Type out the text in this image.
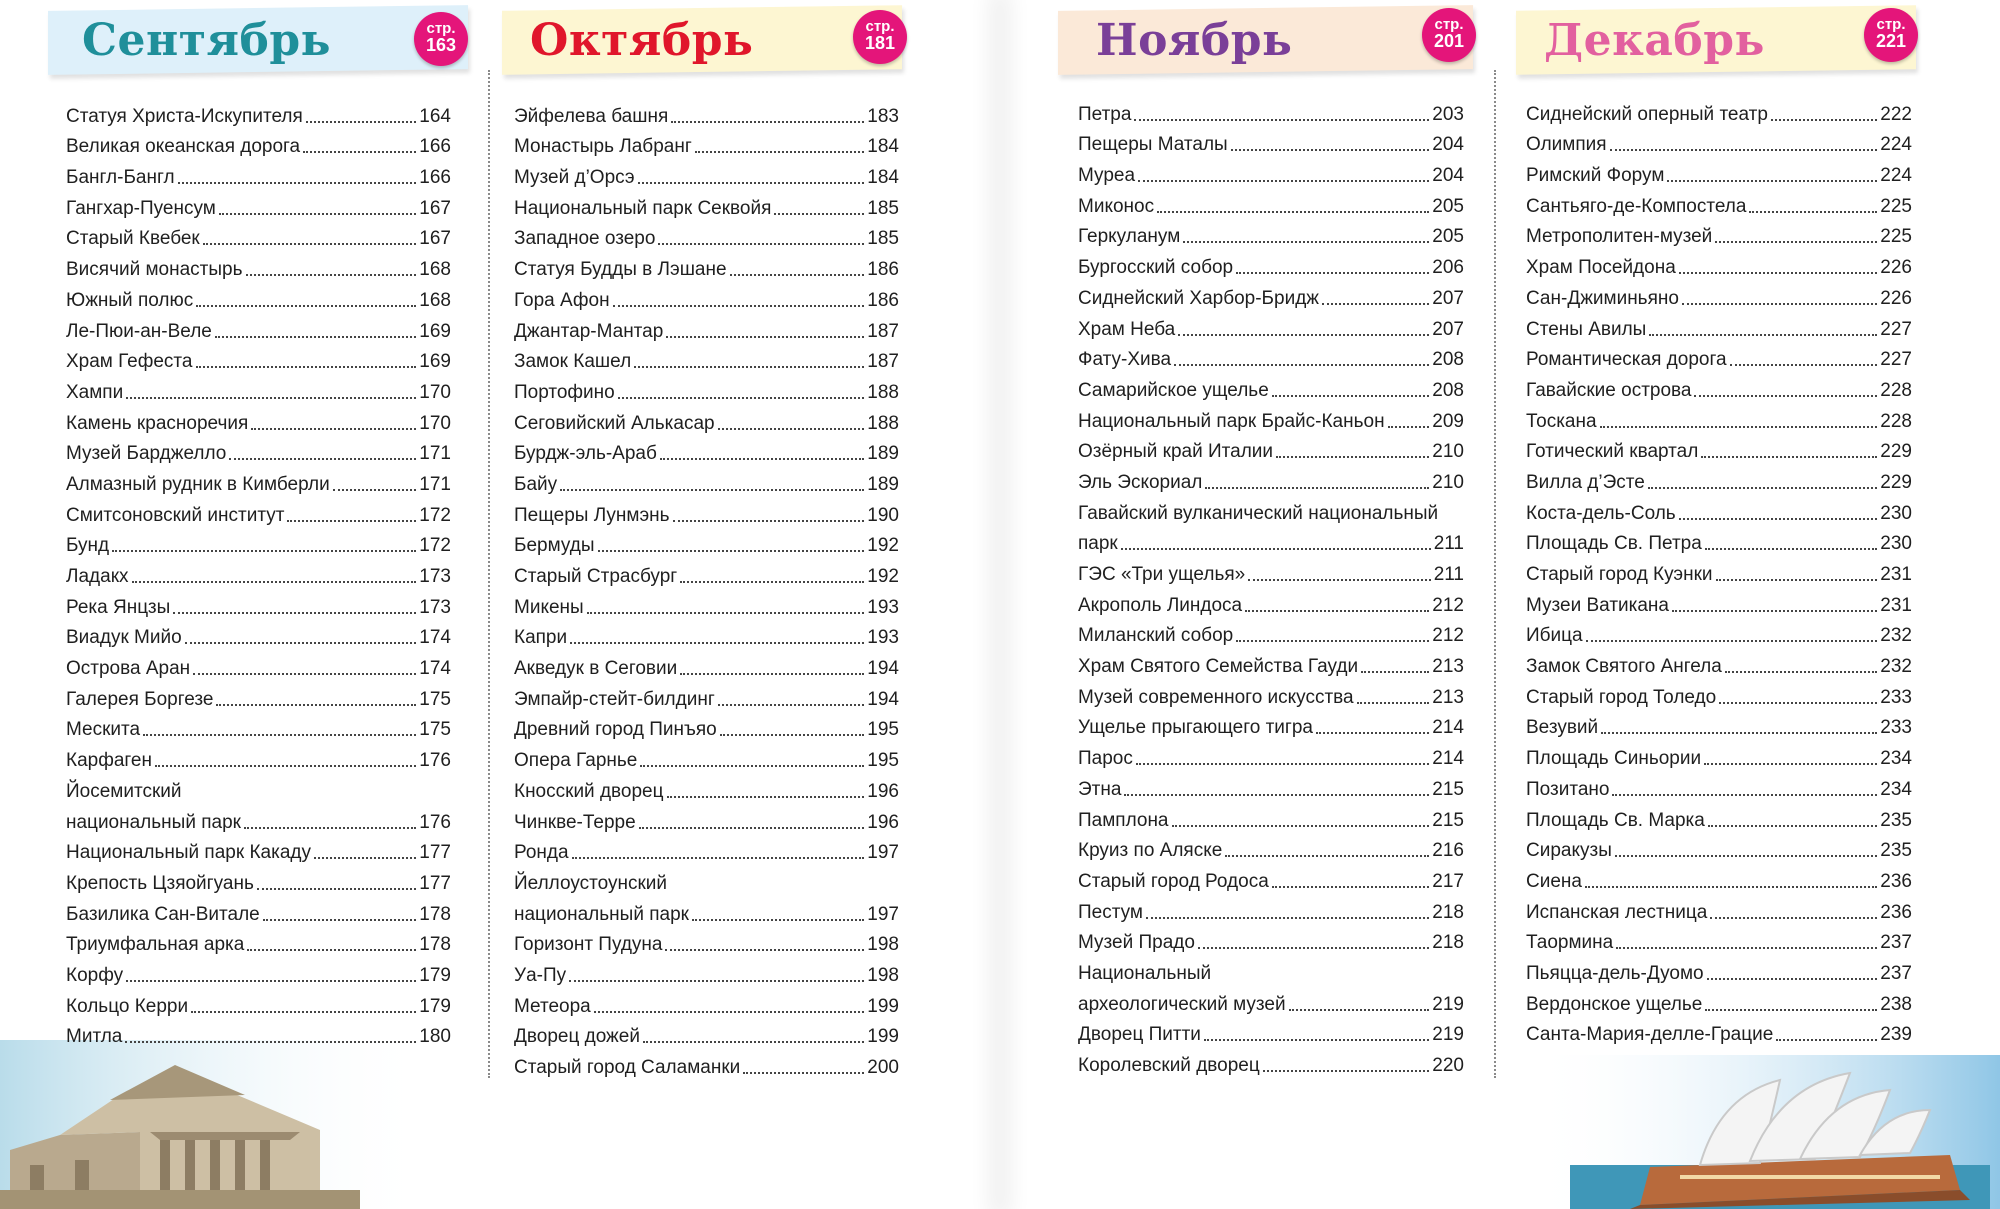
Сентябрь	стр.
163
Статуя Христа-Искупителя	164
Великая океанская дорога	166
Бангл-Бангл	166
Гангхар-Пуенсум	167
Старый Квебек	167
Висячий монастырь	168
Южный полюс	168
Ле-Пюи-ан-Веле	169
Храм Гефеста	169
Хампи	170
Камень красноречия	170
Музей Барджелло	171
Алмазный рудник в Кимберли	171
Смитсоновский институт	172
Бунд	172
Ладакх	173
Река Янцзы	173
Виадук Мийо	174
Острова Аран	174
Галерея Боргезе	175
Мескита	175
Карфаген	176
Йосемитский
национальный парк	176
Национальный парк Какаду	177
Крепость Цзяойгуань	177
Базилика Сан-Витале	178
Триумфальная арка	178
Корфу	179
Кольцо Керри	179
Митла	180
Октябрь	стр.
181
Эйфелева башня	183
Монастырь Лабранг	184
Музей д’Орсэ	184
Национальный парк Секвойя	185
Западное озеро	185
Статуя Будды в Лэшане	186
Гора Афон	186
Джантар-Мантар	187
Замок Кашел	187
Портофино	188
Сеговийский Алькасар	188
Бурдж-эль-Араб	189
Байу	189
Пещеры Лунмэнь	190
Бермуды	192
Старый Страсбург	192
Микены	193
Капри	193
Акведук в Сеговии	194
Эмпайр-стейт-билдинг	194
Древний город Пинъяо	195
Опера Гарнье	195
Кносский дворец	196
Чинкве-Терре	196
Ронда	197
Йеллоустоунский
национальный парк	197
Горизонт Пудуна	198
Уа-Пу	198
Метеора	199
Дворец дожей	199
Старый город Саламанки	200
Ноябрь	стр.
201
Петра	203
Пещеры Маталы	204
Муреа	204
Миконос	205
Геркуланум	205
Бургосский собор	206
Сиднейский Харбор-Бридж	207
Храм Неба	207
Фату-Хива	208
Самарийское ущелье	208
Национальный парк Брайс-Каньон	209
Озёрный край Италии	210
Эль Эскориал	210
Гавайский вулканический национальный
парк	211
ГЭС «Три ущелья»	211
Акрополь Линдоса	212
Миланский собор	212
Храм Святого Семейства Гауди	213
Музей современного искусства	213
Ущелье прыгающего тигра	214
Парос	214
Этна	215
Памплона	215
Круиз по Аляске	216
Старый город Родоса	217
Пестум	218
Музей Прадо	218
Национальный
археологический музей	219
Дворец Питти	219
Королевский дворец	220
Декабрь	стр.
221
Сиднейский оперный театр	222
Олимпия	224
Римский Форум	224
Сантьяго-де-Компостела	225
Метрополитен-музей	225
Храм Посейдона	226
Сан-Джиминьяно	226
Стены Авилы	227
Романтическая дорога	227
Гавайские острова	228
Тоскана	228
Готический квартал	229
Вилла д’Эсте	229
Коста-дель-Соль	230
Площадь Св. Петра	230
Старый город Куэнки	231
Музеи Ватикана	231
Ибица	232
Замок Святого Ангела	232
Старый город Толедо	233
Везувий	233
Площадь Синьории	234
Позитано	234
Площадь Св. Марка	235
Сиракузы	235
Сиена	236
Испанская лестница	236
Таормина	237
Пьяцца-дель-Дуомо	237
Вердонское ущелье	238
Санта-Мария-делле-Грацие	239
